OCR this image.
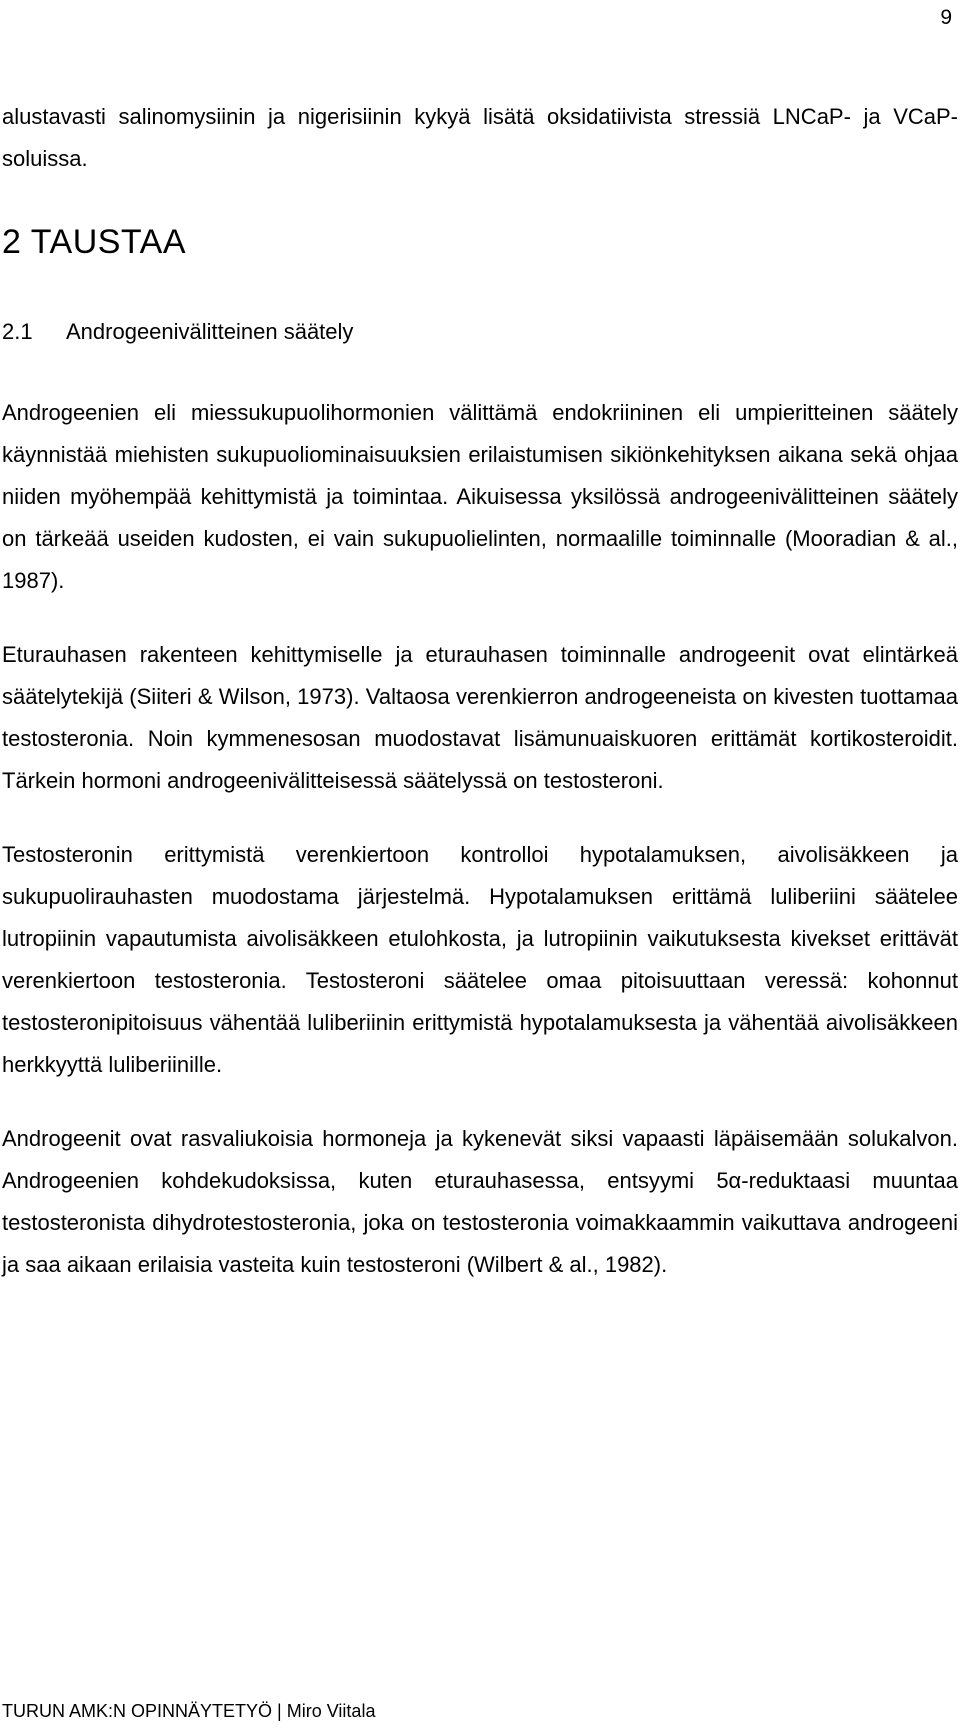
9

alustavasti salinomysiinin ja nigerisiinin kykyä lisätä oksidatiivista stressiä LNCaP- ja VCaP-soluissa.

2 TAUSTAA
2.1 Androgeenivälitteinen säätely

Androgeenien eli miessukupuolihormonien välittämä endokriininen eli umpieritteinen säätely käynnistää miehisten sukupuoliominaisuuksien erilaistumisen sikiönkehityksen aikana sekä ohjaa niiden myöhempää kehittymistä ja toimintaa. Aikuisessa yksilössä androgeenivälitteinen säätely on tärkeää useiden kudosten, ei vain sukupuolielinten, normaalille toiminnalle (Mooradian & al., 1987).

Eturauhasen rakenteen kehittymiselle ja eturauhasen toiminnalle androgeenit ovat elintärkeä säätelytekijä (Siiteri & Wilson, 1973). Valtaosa verenkierron androgeeneista on kivesten tuottamaa testosteronia. Noin kymmenesosan muodostavat lisämunuaiskuoren erittämät kortikosteroidit. Tärkein hormoni androgeenivälitteisessä säätelyssä on testosteroni.

Testosteronin erittymistä verenkiertoon kontrolloi hypotalamuksen, aivolisäkkeen ja sukupuolirauhasten muodostama järjestelmä. Hypotalamuksen erittämä luliberiini säätelee lutropiinin vapautumista aivolisäkkeen etulohkosta, ja lutropiinin vaikutuksesta kivekset erittävät verenkiertoon testosteronia. Testosteroni säätelee omaa pitoisuuttaan veressä: kohonnut testosteronipitoisuus vähentää luliberiinin erittymistä hypotalamuksesta ja vähentää aivolisäkkeen herkkyyttä luliberiinille.

Androgeenit ovat rasvaliukoisia hormoneja ja kykenevät siksi vapaasti läpäisemään solukalvon. Androgeenien kohdekudoksissa, kuten eturauhasessa, entsyymi 5α-reduktaasi muuntaa testosteronista dihydrotestosteronia, joka on testosteronia voimakkaammin vaikuttava androgeeni ja saa aikaan erilaisia vasteita kuin testosteroni (Wilbert & al., 1982).

TURUN AMK:N OPINNÄYTETYÖ | Miro Viitala
